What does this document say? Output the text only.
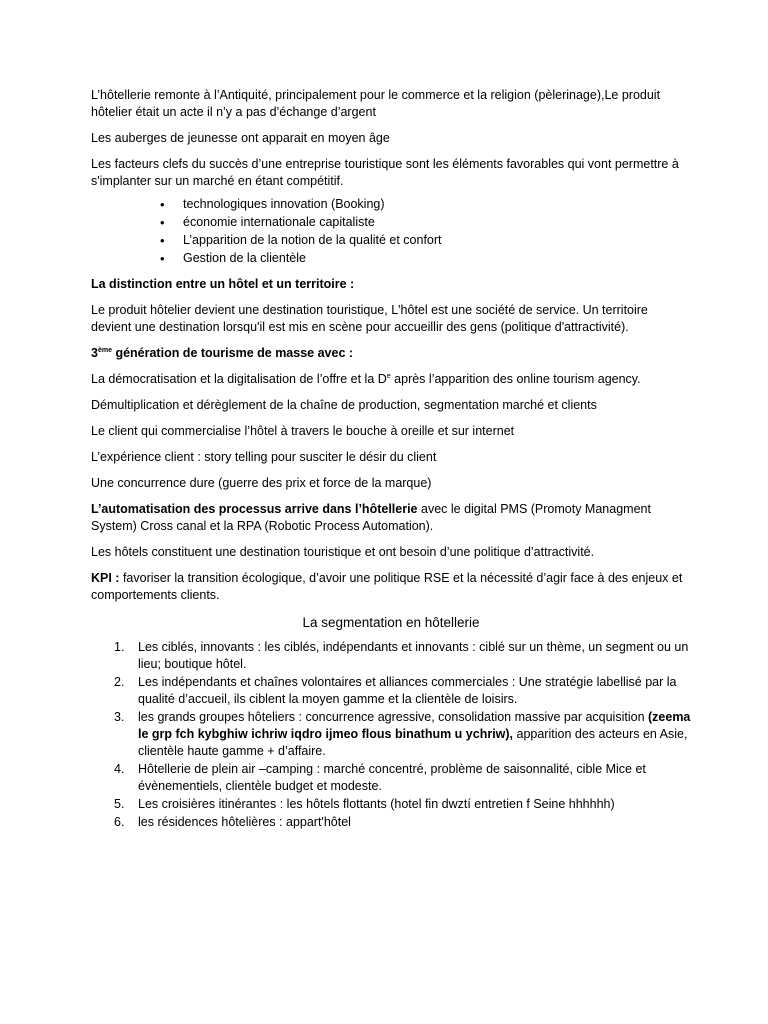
L’hôtellerie remonte à l’Antiquité, principalement pour le commerce et la religion (pèlerinage),Le produit hôtelier était un acte il n’y a pas d’échange d’argent

Les auberges de jeunesse ont apparait en moyen âge

Les facteurs clefs du succès d’une entreprise touristique sont les éléments favorables qui vont permettre à s'implanter sur un marché en étant compétitif.

• technologiques innovation (Booking)
• économie internationale capitaliste
• L’apparition de la notion de la qualité et confort
• Gestion de la clientèle

La distinction entre un hôtel et un territoire :

Le produit hôtelier devient une destination touristique, L'hôtel est une société de service. Un territoire devient une destination lorsqu'il est mis en scène pour accueillir des gens (politique d'attractivité).

3ème génération de tourisme de masse avec :

La démocratisation et la digitalisation de l’offre et la De après l’apparition des online tourism agency.

Démultiplication et dérèglement de la chaîne de production, segmentation marché et clients

Le client qui commercialise l’hôtel à travers le bouche à oreille et sur internet

L’expérience client : story telling pour susciter le désir du client

Une concurrence dure (guerre des prix et force de la marque)

L’automatisation des processus arrive dans l’hôtellerie avec le digital PMS (Promoty Managment System) Cross canal et la RPA (Robotic Process Automation).

Les hôtels constituent une destination touristique et ont besoin d’une politique d’attractivité.

KPI : favoriser la transition écologique, d’avoir une politique RSE et la nécessité d’agir face à des enjeux et comportements clients.

La segmentation en hôtellerie

1. Les ciblés, innovants : les ciblés, indépendants et innovants : ciblé sur un thème, un segment ou un lieu; boutique hôtel.
2. Les indépendants et chaînes volontaires et alliances commerciales : Une stratégie labellisé par la qualité d’accueil, ils ciblent la moyen gamme et la clientèle de loisirs.
3. les grands groupes hôteliers : concurrence agressive, consolidation massive par acquisition (zeema le grp fch kybghiw ichriw iqdro ijmeo flous binathum u ychriw), apparition des acteurs en Asie, clientèle haute gamme + d’affaire.
4. Hôtellerie de plein air –camping : marché concentré, problème de saisonnalité, cible Mice et évènementiels, clientèle budget et modeste.
5. Les croisières itinérantes : les hôtels flottants (hotel fin dwztí entretien f Seine hhhhhh)
6. les résidences hôtelières : appart'hôtel
